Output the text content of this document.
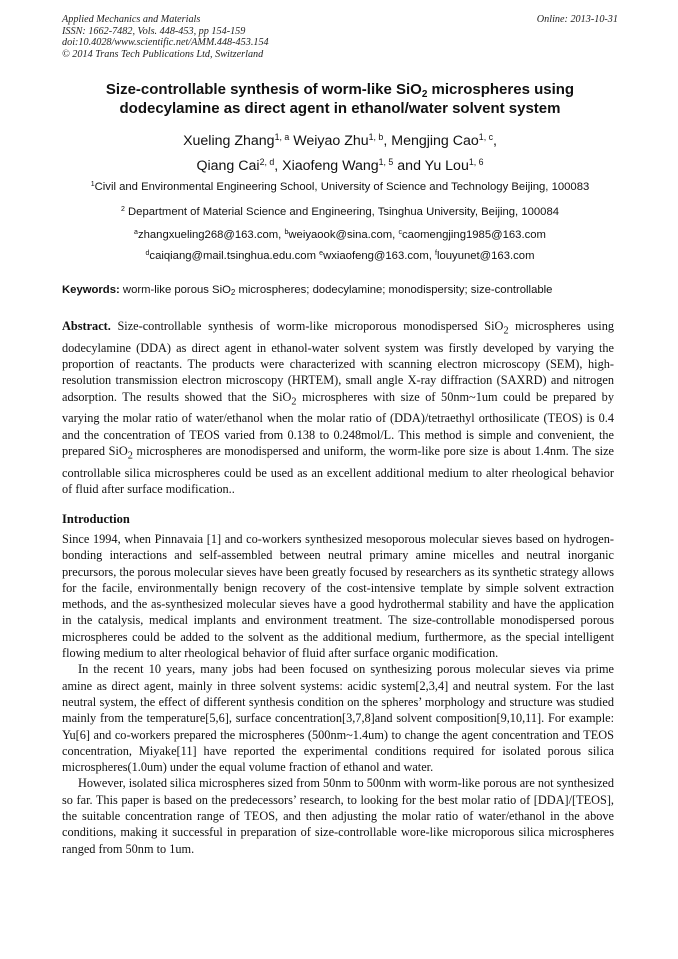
Applied Mechanics and Materials
ISSN: 1662-7482, Vols. 448-453, pp 154-159
doi:10.4028/www.scientific.net/AMM.448-453.154
© 2014 Trans Tech Publications Ltd, Switzerland
Online: 2013-10-31
Size-controllable synthesis of worm-like SiO$_2$ microspheres using
dodecylamine as direct agent in ethanol/water solvent system
Xueling Zhang$^{1, a}$ Weiyao Zhu$^{1, b}$, Mengjing Cao$^{1, c}$,
Qiang Cai$^{2, d}$, Xiaofeng Wang$^{1, 5}$ and Yu Lou$^{1, 6}$
$^1$Civil and Environmental Engineering School, University of Science and Technology Beijing, 100083
$^2$ Department of Material Science and Engineering, Tsinghua University, Beijing, 100084
$^a$zhangxueling268@163.com, $^b$weiyaook@sina.com, $^c$caomengjing1985@163.com
$^d$caiqiang@mail.tsinghua.edu.com $^e$wxiaofeng@163.com, $^f$louyunet@163.com
Keywords: worm-like porous SiO$_2$ microspheres; dodecylamine; monodispersity; size-controllable

Abstract. Size-controllable synthesis of worm-like microporous monodispersed SiO$_2$ microspheres using dodecylamine (DDA) as direct agent in ethanol-water solvent system was firstly developed by varying the proportion of reactants. The products were characterized with scanning electron microscopy (SEM), high-resolution transmission electron microscopy (HRTEM), small angle X-ray diffraction (SAXRD) and nitrogen adsorption. The results showed that the SiO$_2$ microspheres with size of 50nm~1um could be prepared by varying the molar ratio of water/ethanol when the molar ratio of (DDA)/tetraethyl orthosilicate (TEOS) is 0.4 and the concentration of TEOS varied from 0.138 to 0.248mol/L. This method is simple and convenient, the prepared SiO$_2$ microspheres are monodispersed and uniform, the worm-like pore size is about 1.4nm. The size controllable silica microspheres could be used as an excellent additional medium to alter rheological behavior of fluid after surface modification..

Introduction

Since 1994, when Pinnavaia [1] and co-workers synthesized mesoporous molecular sieves based on hydrogen-bonding interactions and self-assembled between neutral primary amine micelles and neutral inorganic precursors, the porous molecular sieves have been greatly focused by researchers as its synthetic strategy allows for the facile, environmentally benign recovery of the cost-intensive template by simple solvent extraction methods, and the as-synthesized molecular sieves have a good hydrothermal stability and have the application in the catalysis, medical implants and environment treatment. The size-controllable monodispersed porous microspheres could be added to the solvent as the additional medium, furthermore, as the special intelligent flowing medium to alter rheological behavior of fluid after surface organic modification.

In the recent 10 years, many jobs had been focused on synthesizing porous molecular sieves via prime amine as direct agent, mainly in three solvent systems: acidic system[2,3,4] and neutral system. For the last neutral system, the effect of different synthesis condition on the spheres’ morphology and structure was studied mainly from the temperature[5,6], surface concentration[3,7,8]and solvent composition[9,10,11]. For example: Yu[6] and co-workers prepared the microspheres (500nm~1.4um) to change the agent concentration and TEOS concentration, Miyake[11] have reported the experimental conditions required for isolated porous silica microspheres(1.0um) under the equal volume fraction of ethanol and water.

However, isolated silica microspheres sized from 50nm to 500nm with worm-like porous are not synthesized so far. This paper is based on the predecessors’ research, to looking for the best molar ratio of [DDA]/[TEOS], the suitable concentration range of TEOS, and then adjusting the molar ratio of water/ethanol in the above conditions, making it successful in preparation of size-controllable wore-like microporous silica microspheres ranged from 50nm to 1um.
